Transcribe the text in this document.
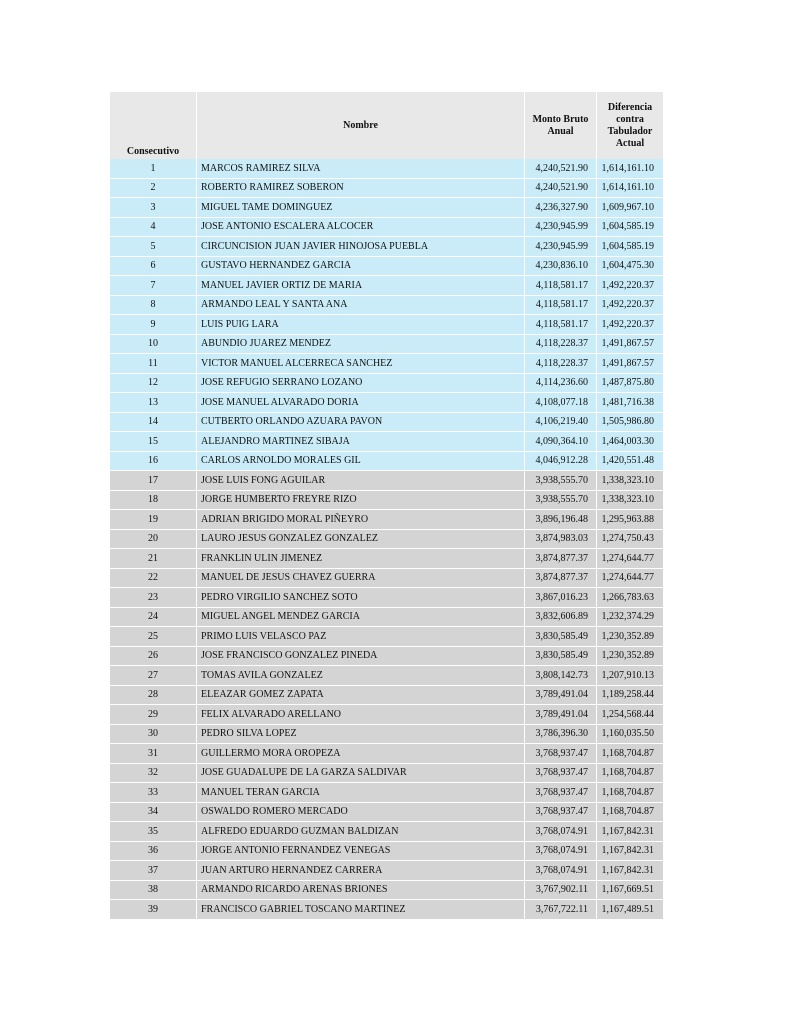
Consecutivo	Nombre	Monto Bruto Anual	Diferencia contra Tabulador Actual
1	MARCOS RAMIREZ SILVA	4,240,521.90	1,614,161.10
2	ROBERTO RAMIREZ SOBERON	4,240,521.90	1,614,161.10
3	MIGUEL TAME DOMINGUEZ	4,236,327.90	1,609,967.10
4	JOSE ANTONIO ESCALERA ALCOCER	4,230,945.99	1,604,585.19
5	CIRCUNCISION JUAN JAVIER HINOJOSA PUEBLA	4,230,945.99	1,604,585.19
6	GUSTAVO HERNANDEZ GARCIA	4,230,836.10	1,604,475.30
7	MANUEL JAVIER ORTIZ DE MARIA	4,118,581.17	1,492,220.37
8	ARMANDO LEAL Y SANTA ANA	4,118,581.17	1,492,220.37
9	LUIS PUIG LARA	4,118,581.17	1,492,220.37
10	ABUNDIO JUAREZ MENDEZ	4,118,228.37	1,491,867.57
11	VICTOR MANUEL ALCERRECA SANCHEZ	4,118,228.37	1,491,867.57
12	JOSE REFUGIO SERRANO LOZANO	4,114,236.60	1,487,875.80
13	JOSE MANUEL ALVARADO DORIA	4,108,077.18	1,481,716.38
14	CUTBERTO ORLANDO AZUARA PAVON	4,106,219.40	1,505,986.80
15	ALEJANDRO MARTINEZ SIBAJA	4,090,364.10	1,464,003.30
16	CARLOS ARNOLDO MORALES GIL	4,046,912.28	1,420,551.48
17	JOSE LUIS FONG AGUILAR	3,938,555.70	1,338,323.10
18	JORGE HUMBERTO FREYRE RIZO	3,938,555.70	1,338,323.10
19	ADRIAN BRIGIDO MORAL PIÑEYRO	3,896,196.48	1,295,963.88
20	LAURO JESUS GONZALEZ GONZALEZ	3,874,983.03	1,274,750.43
21	FRANKLIN ULIN JIMENEZ	3,874,877.37	1,274,644.77
22	MANUEL DE JESUS CHAVEZ GUERRA	3,874,877.37	1,274,644.77
23	PEDRO VIRGILIO SANCHEZ SOTO	3,867,016.23	1,266,783.63
24	MIGUEL ANGEL MENDEZ GARCIA	3,832,606.89	1,232,374.29
25	PRIMO LUIS VELASCO PAZ	3,830,585.49	1,230,352.89
26	JOSE FRANCISCO GONZALEZ PINEDA	3,830,585.49	1,230,352.89
27	TOMAS AVILA GONZALEZ	3,808,142.73	1,207,910.13
28	ELEAZAR GOMEZ ZAPATA	3,789,491.04	1,189,258.44
29	FELIX ALVARADO ARELLANO	3,789,491.04	1,254,568.44
30	PEDRO SILVA LOPEZ	3,786,396.30	1,160,035.50
31	GUILLERMO MORA OROPEZA	3,768,937.47	1,168,704.87
32	JOSE GUADALUPE DE LA GARZA SALDIVAR	3,768,937.47	1,168,704.87
33	MANUEL TERAN GARCIA	3,768,937.47	1,168,704.87
34	OSWALDO ROMERO MERCADO	3,768,937.47	1,168,704.87
35	ALFREDO EDUARDO GUZMAN BALDIZAN	3,768,074.91	1,167,842.31
36	JORGE ANTONIO FERNANDEZ VENEGAS	3,768,074.91	1,167,842.31
37	JUAN ARTURO HERNANDEZ CARRERA	3,768,074.91	1,167,842.31
38	ARMANDO RICARDO ARENAS BRIONES	3,767,902.11	1,167,669.51
39	FRANCISCO GABRIEL TOSCANO MARTINEZ	3,767,722.11	1,167,489.51
